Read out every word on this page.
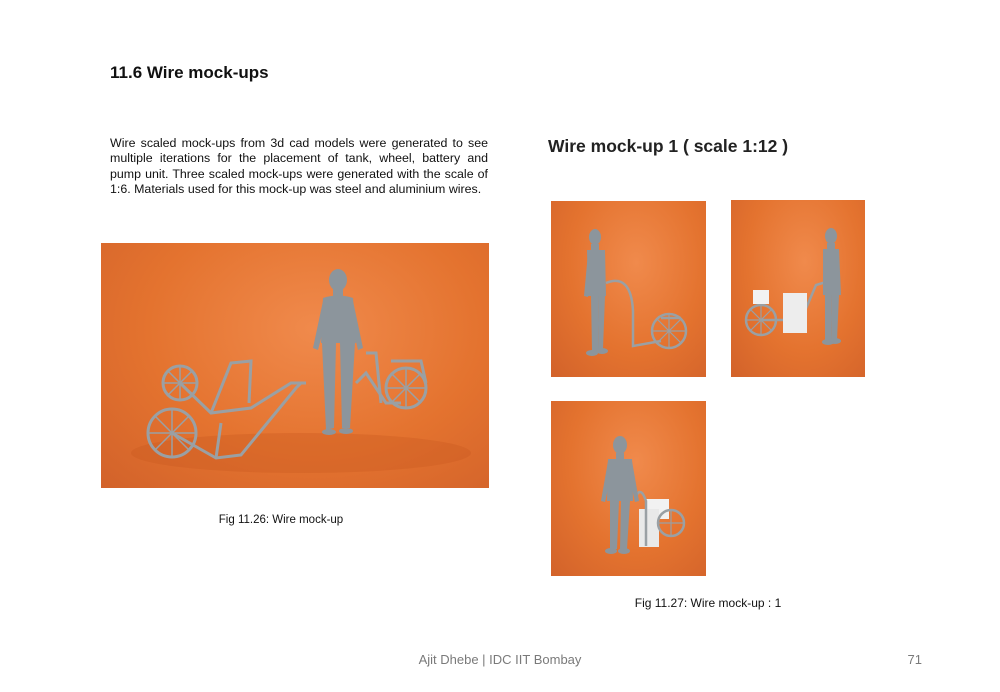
11.6 Wire mock-ups

Wire scaled mock-ups from 3d cad models were generated to see multiple iterations for the placement of tank, wheel, battery and pump unit. Three scaled mock-ups were generated with the scale of 1:6. Materials used for this mock-up was steel and aluminium wires.

Fig 11.26: Wire mock-up
Wire mock-up 1 ( scale 1:12 )
Fig 11.27: Wire mock-up : 1
Ajit Dhebe | IDC IIT Bombay	71
